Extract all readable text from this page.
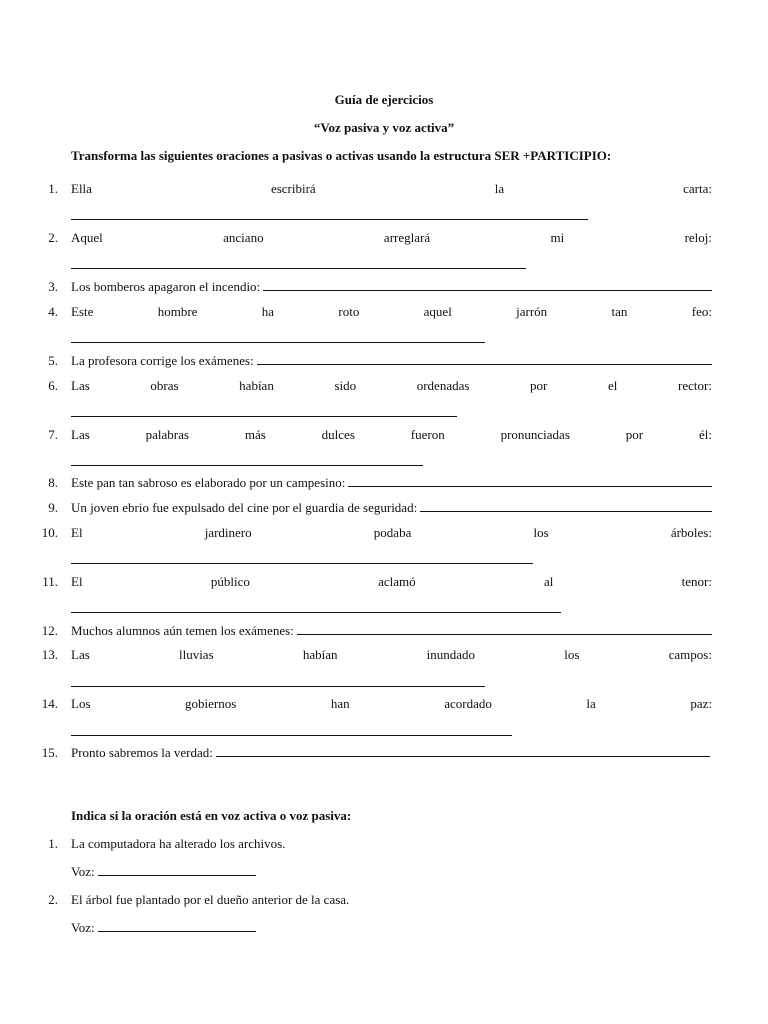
Guía de ejercicios
“Voz pasiva y voz activa”
Transforma las siguientes oraciones a pasivas o activas usando la estructura SER +PARTICIPIO:
1. Ella	escribirá	la	carta:
2. Aquel	anciano	arreglará	mi	reloj:
3. Los bomberos apagaron el incendio:
4. Este	hombre	ha	roto	aquel	jarrón	tan	feo:
5. La profesora corrige los exámenes:
6. Las	obras	habían	sido	ordenadas	por	el	rector:
7. Las	palabras	más	dulces	fueron	pronunciadas	por	él:
8. Este pan tan sabroso es elaborado por un campesino:
9. Un joven ebrio fue expulsado del cine por el guardia de seguridad:
10. El	jardinero	podaba	los	árboles:
11. El	público	aclamó	al	tenor:
12. Muchos alumnos aún temen los exámenes:
13. Las	lluvias	habían	inundado	los	campos:
14. Los	gobiernos	han	acordado	la	paz:
15. Pronto sabremos la verdad:
Indica si la oración está en voz activa o voz pasiva:
1. La computadora ha alterado los archivos.
Voz:
2. El árbol fue plantado por el dueño anterior de la casa.
Voz:
